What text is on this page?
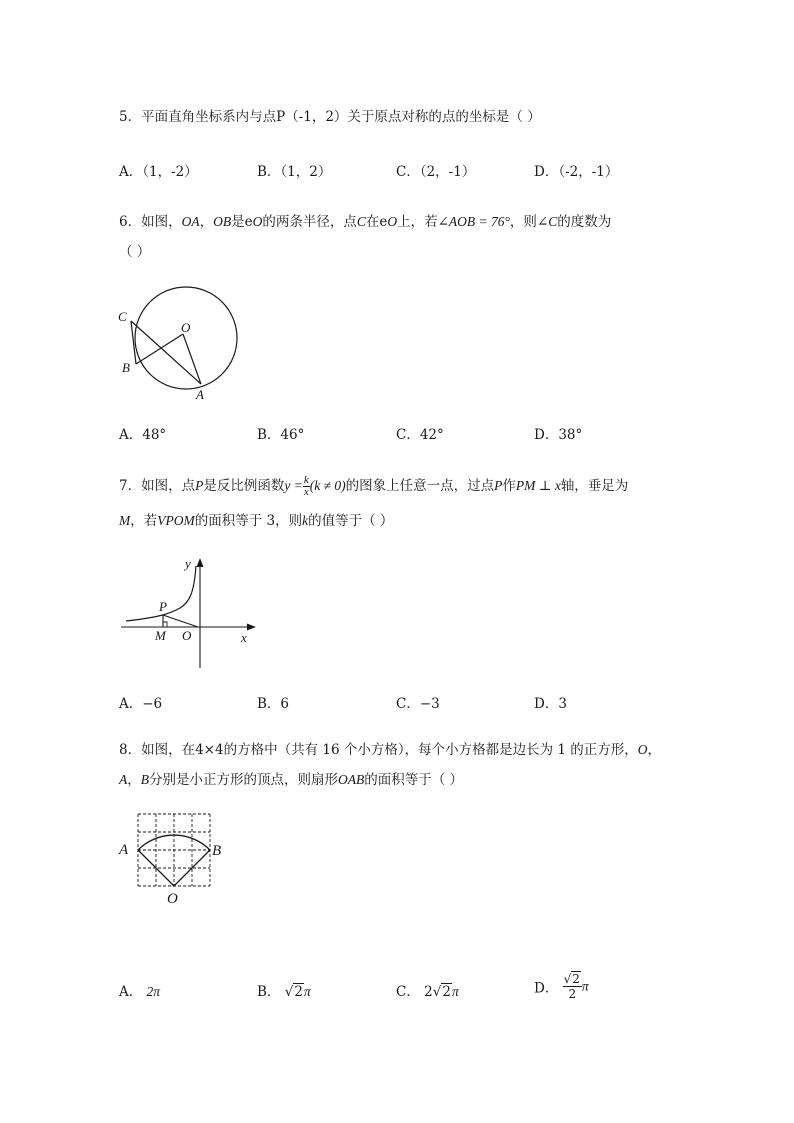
5．平面直角坐标系内与点P（-1，2）关于原点对称的点的坐标是（ ）
A．（1，-2）	B．（1，2）	C．（2，-1）	D．（-2，-1）
6．如图，OA，OB是eO的两条半径，点C在eO上，若∠AOB = 76°，则∠C的度数为
（ ）
C
O
B
A
A．48°	B．46°	C．42°	D．38°
7．如图，点P是反比例函数$y = \frac{k}{x} (k \ne 0)$的图象上任意一点，过点P作PM ⊥ x轴，垂足为
M，若VPOM的面积等于 3，则k的值等于（ ）
y
x
P
M O
A．−6	B．6	C．−3	D．3
8．如图，在4×4的方格中（共有 16 个小方格），每个小方格都是边长为 1 的正方形，O，
A，B分别是小正方形的顶点，则扇形OAB的面积等于（ ）
A	B
O
A． 2π	B． √2π	C． 2√2π	D． $\frac{√2}{2}$ π
